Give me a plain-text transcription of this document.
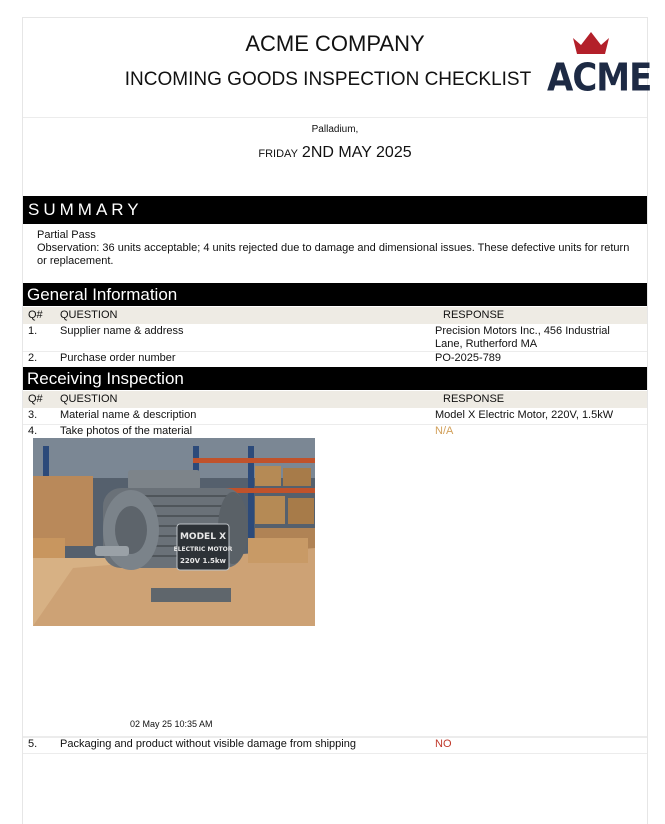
ACME COMPANY
INCOMING GOODS INSPECTION CHECKLIST ACME
Palladium,
FRIDAY 2ND MAY 2025
SUMMARY
Partial Pass
Observation: 36 units acceptable; 4 units rejected due to damage and dimensional issues. These defective units for return or replacement.
General Information
Q# QUESTION	RESPONSE
1. Supplier name & address	Precision Motors Inc., 456 Industrial Lane, Rutherford MA
2. Purchase order number	PO-2025-789
Receiving Inspection
Q# QUESTION	RESPONSE
3. Material name & description	Model X Electric Motor, 220V, 1.5kW
4. Take photos of the material	N/A
MODEL X
ELECTRIC MOTOR
220V 1.5kw
02 May 25 10:35 AM
5. Packaging and product without visible damage from shipping	NO
